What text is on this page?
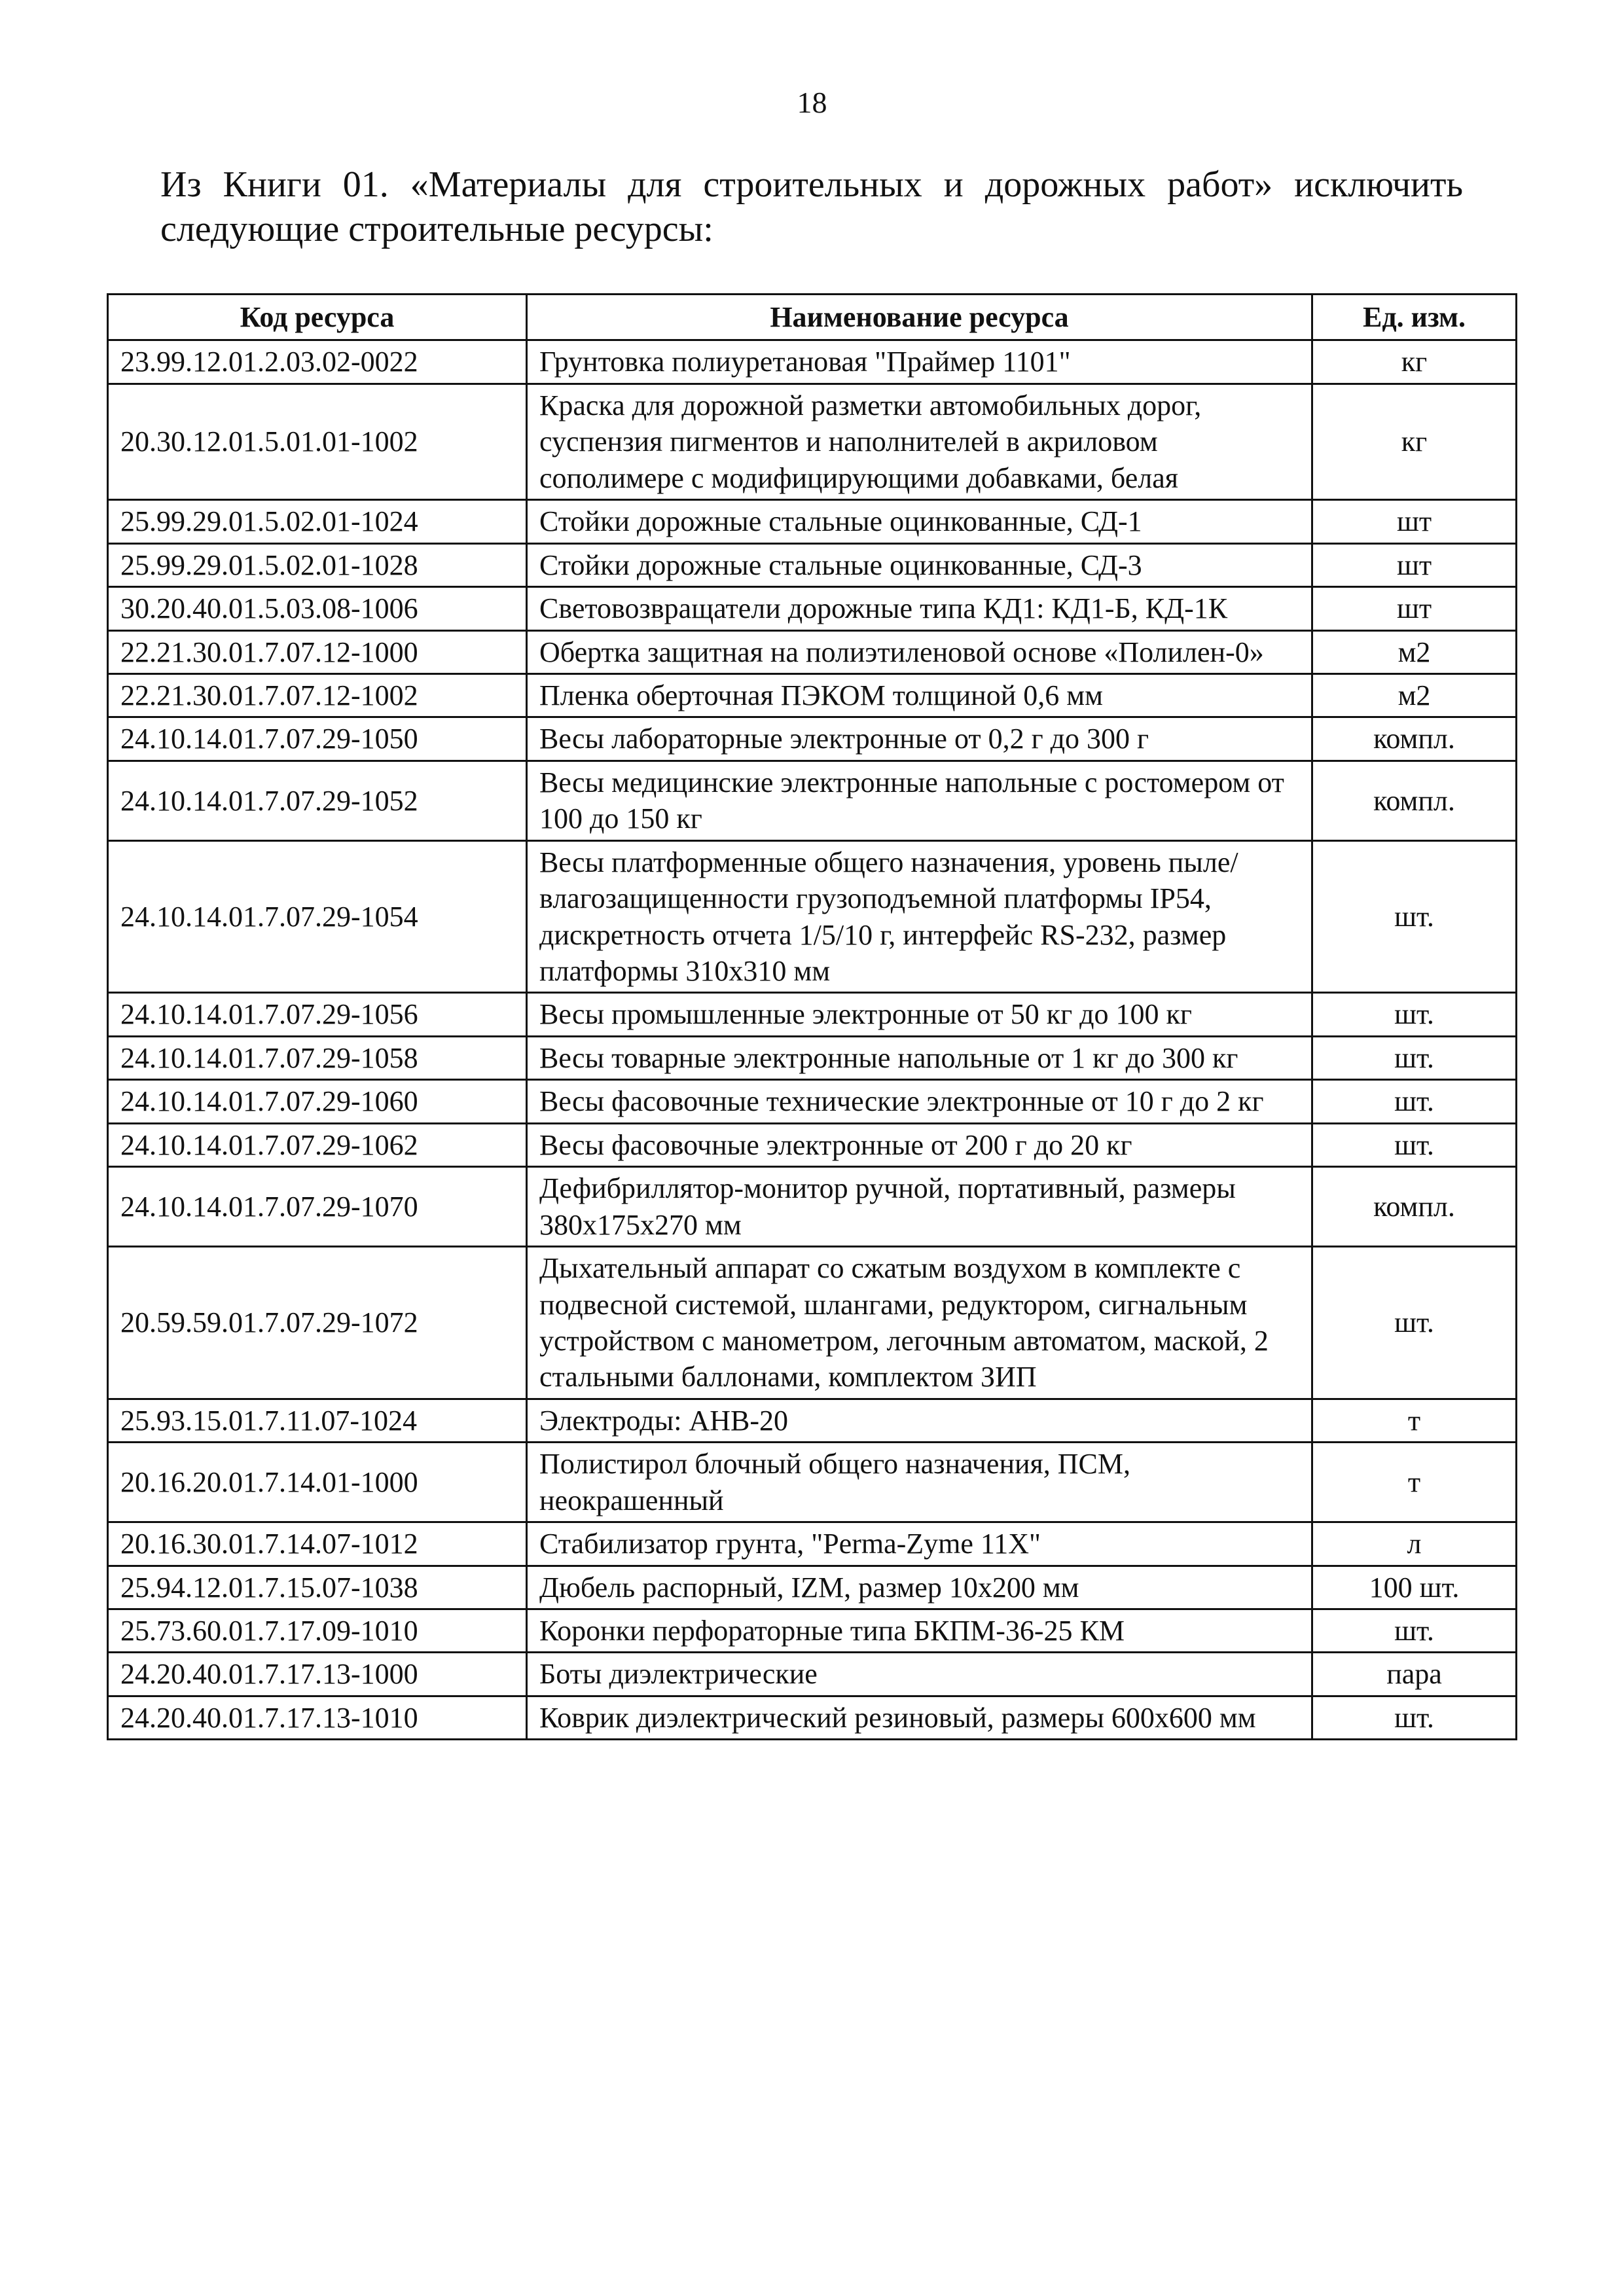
18
Из Книги 01. «Материалы для строительных и дорожных работ» исключить следующие строительные ресурсы:
Код ресурса	Наименование ресурса	Ед. изм.
23.99.12.01.2.03.02-0022	Грунтовка полиуретановая "Праймер 1101"	кг
20.30.12.01.5.01.01-1002	Краска для дорожной разметки автомобильных дорог, суспензия пигментов и наполнителей в акриловом сополимере с модифицирующими добавками, белая	кг
25.99.29.01.5.02.01-1024	Стойки дорожные стальные оцинкованные, СД-1	шт
25.99.29.01.5.02.01-1028	Стойки дорожные стальные оцинкованные, СД-3	шт
30.20.40.01.5.03.08-1006	Световозвращатели дорожные типа КД1: КД1-Б, КД-1К	шт
22.21.30.01.7.07.12-1000	Обертка защитная на полиэтиленовой основе «Полилен-0»	м2
22.21.30.01.7.07.12-1002	Пленка оберточная ПЭКОМ толщиной 0,6 мм	м2
24.10.14.01.7.07.29-1050	Весы лабораторные электронные от 0,2 г до 300 г	компл.
24.10.14.01.7.07.29-1052	Весы медицинские электронные напольные с ростомером от 100 до 150 кг	компл.
24.10.14.01.7.07.29-1054	Весы платформенные общего назначения, уровень пыле/влагозащищенности грузоподъемной платформы IP54, дискретность отчета 1/5/10 г, интерфейс RS-232, размер платформы 310х310 мм	шт.
24.10.14.01.7.07.29-1056	Весы промышленные электронные от 50 кг до 100 кг	шт.
24.10.14.01.7.07.29-1058	Весы товарные электронные напольные от 1 кг до 300 кг	шт.
24.10.14.01.7.07.29-1060	Весы фасовочные технические электронные от 10 г до 2 кг	шт.
24.10.14.01.7.07.29-1062	Весы фасовочные электронные от 200 г до 20 кг	шт.
24.10.14.01.7.07.29-1070	Дефибриллятор-монитор ручной, портативный, размеры 380х175х270 мм	компл.
20.59.59.01.7.07.29-1072	Дыхательный аппарат со сжатым воздухом в комплекте с подвесной системой, шлангами, редуктором, сигнальным устройством с манометром, легочным автоматом, маской, 2 стальными баллонами, комплектом ЗИП	шт.
25.93.15.01.7.11.07-1024	Электроды: АНВ-20	т
20.16.20.01.7.14.01-1000	Полистирол блочный общего назначения, ПСМ, неокрашенный	т
20.16.30.01.7.14.07-1012	Стабилизатор грунта, "Perma-Zyme 11X"	л
25.94.12.01.7.15.07-1038	Дюбель распорный, IZM, размер 10х200 мм	100 шт.
25.73.60.01.7.17.09-1010	Коронки перфораторные типа БКПМ-36-25 КМ	шт.
24.20.40.01.7.17.13-1000	Боты диэлектрические	пара
24.20.40.01.7.17.13-1010	Коврик диэлектрический резиновый, размеры 600х600 мм	шт.
